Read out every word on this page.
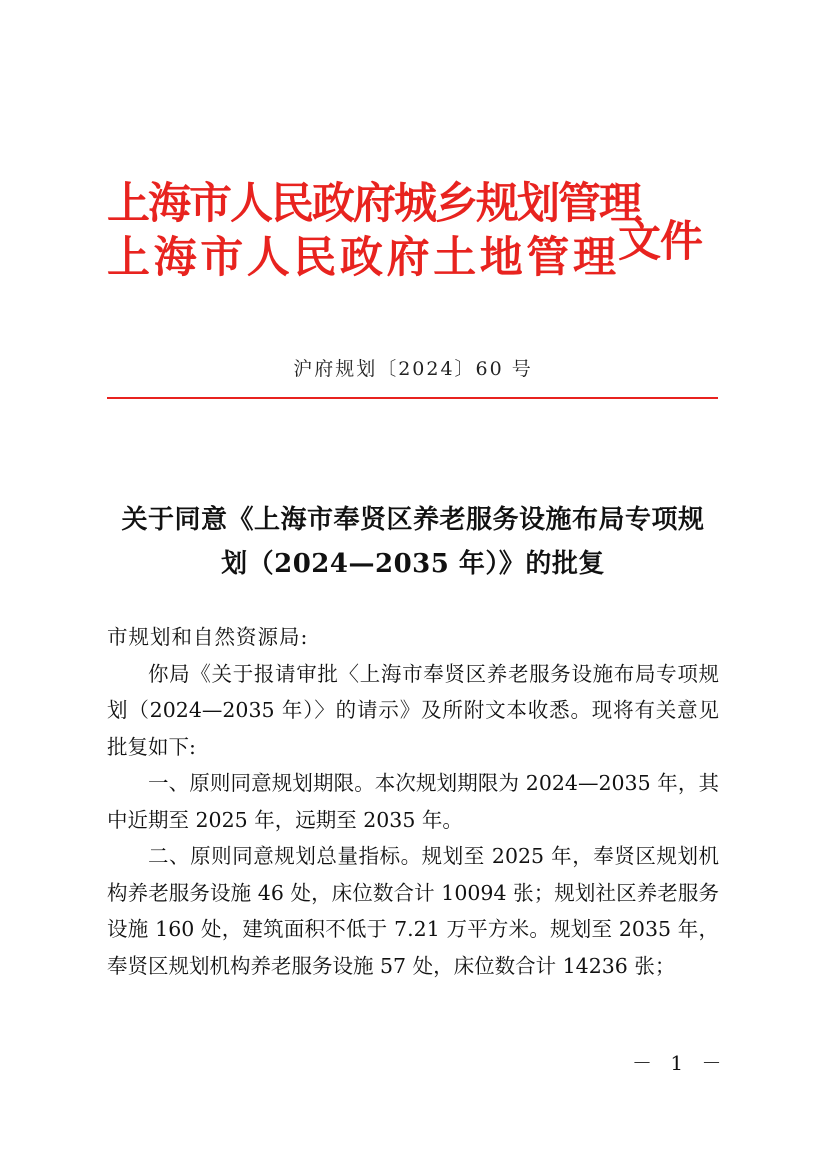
上海市人民政府城乡规划管理
上海市人民政府土地管理
文件
沪府规划〔2024〕60 号
关于同意《上海市奉贤区养老服务设施布局专项规
划（2024—2035 年）》的批复

市规划和自然资源局:

你局《关于报请审批〈上海市奉贤区养老服务设施布局专项规划（2024—2035 年）〉的请示》及所附文本收悉。现将有关意见批复如下:

一、原则同意规划期限。本次规划期限为 2024—2035 年，其中近期至 2025 年，远期至 2035 年。

二、原则同意规划总量指标。规划至 2025 年，奉贤区规划机构养老服务设施 46 处，床位数合计 10094 张；规划社区养老服务设施 160 处，建筑面积不低于 7.21 万平方米。规划至 2035 年，奉贤区规划机构养老服务设施 57 处，床位数合计 14236 张；

－ 1 －
